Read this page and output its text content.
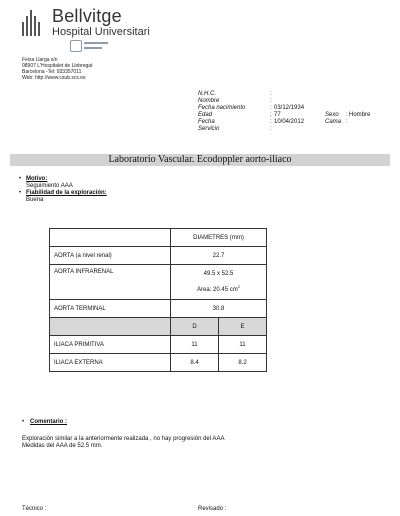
Bellvitge
Hospital Universitari
Feixa Llarga s/n
08907 L'Hospitalet de Llobregat
Barcelona -Tel: 933357011
Web: http://www.csub.scs.es
N.H.C.	:
Nombre	:
Fecha nacimiento	: 03/12/1934
Edad	: 77	Sexo : Hombre
Fecha	: 10/04/2012	Cama :
Servicio	:
Laboratorio Vascular. Ecodoppler aorto-iliaco
• Motivo:
Seguimiento AAA
• Fiabilidad de la exploración:
Buena
	DIAMETRES (mm)	
AORTA (a nivel renal)	22.7	
AORTA INFRARENAL	49.5 x 52.5
Area: 20.45 $cm^2$

AORTA TERMINAL	30.8	
	D	E
ILIACA PRIMITIVA	11	11
ILIACA EXTERNA	8.4	8.2
• Comentario :
Exploración similar a la anteriormente realizada , no hay progresión del AAA
Medidas del AAA de 52.5 mm.
Técnico :	Revisado :
